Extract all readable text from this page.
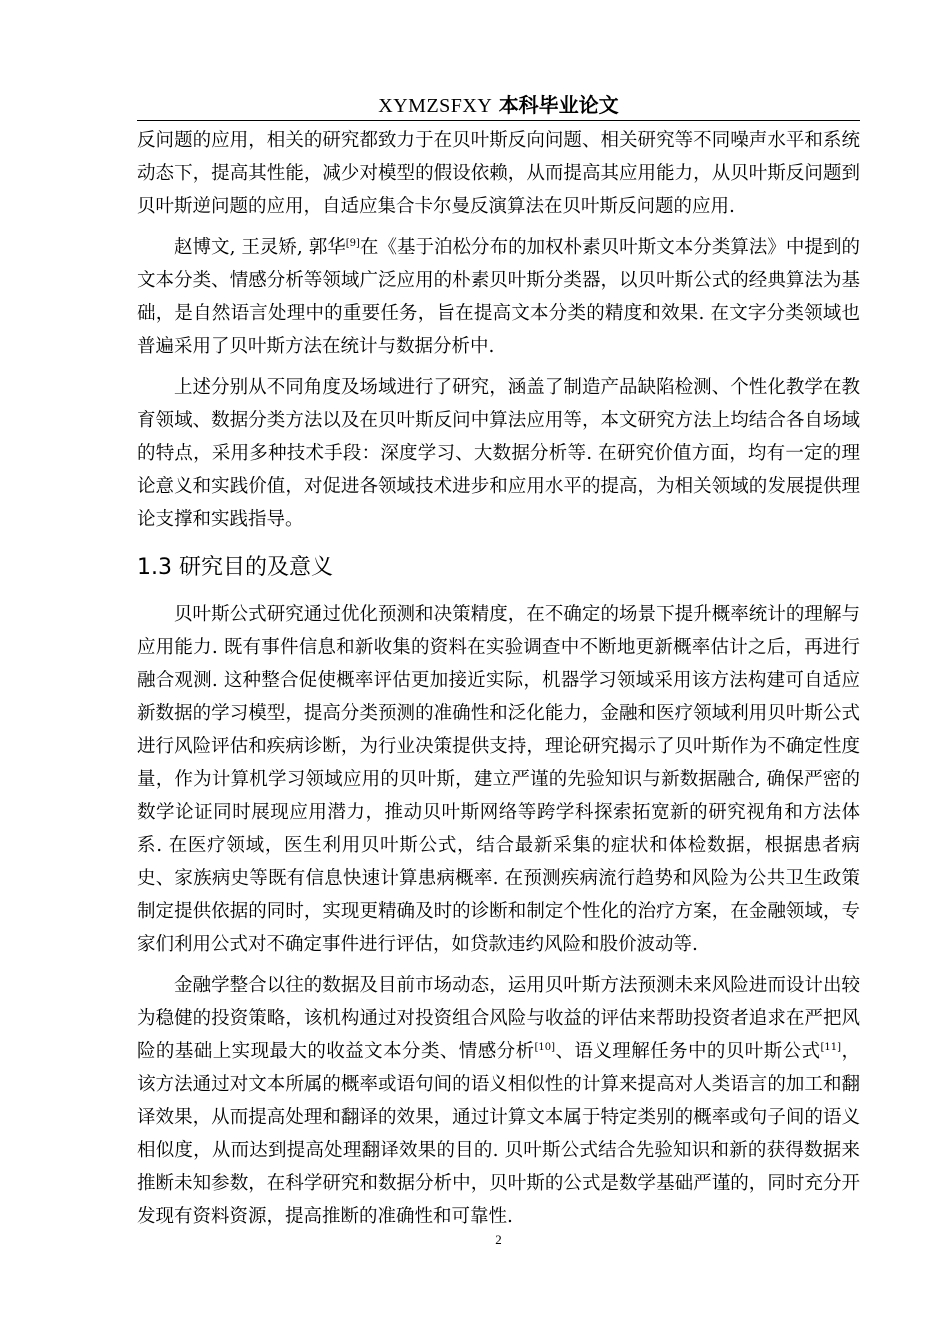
XYMZSFXY 本科毕业论文

反问题的应用，相关的研究都致力于在贝叶斯反向问题、相关研究等不同噪声水平和系统动态下，提高其性能，减少对模型的假设依赖，从而提高其应用能力，从贝叶斯反问题到贝叶斯逆问题的应用，自适应集合卡尔曼反演算法在贝叶斯反问题的应用.

赵博文, 王灵矫, 郭华[9]在《基于泊松分布的加权朴素贝叶斯文本分类算法》中提到的文本分类、情感分析等领域广泛应用的朴素贝叶斯分类器，以贝叶斯公式的经典算法为基础，是自然语言处理中的重要任务，旨在提高文本分类的精度和效果. 在文字分类领域也普遍采用了贝叶斯方法在统计与数据分析中.

上述分别从不同角度及场域进行了研究，涵盖了制造产品缺陷检测、个性化教学在教育领域、数据分类方法以及在贝叶斯反问中算法应用等，本文研究方法上均结合各自场域的特点，采用多种技术手段：深度学习、大数据分析等. 在研究价值方面，均有一定的理论意义和实践价值，对促进各领域技术进步和应用水平的提高，为相关领域的发展提供理论支撑和实践指导。

1.3 研究目的及意义

贝叶斯公式研究通过优化预测和决策精度，在不确定的场景下提升概率统计的理解与应用能力. 既有事件信息和新收集的资料在实验调查中不断地更新概率估计之后，再进行融合观测. 这种整合促使概率评估更加接近实际，机器学习领域采用该方法构建可自适应新数据的学习模型，提高分类预测的准确性和泛化能力，金融和医疗领域利用贝叶斯公式进行风险评估和疾病诊断，为行业决策提供支持，理论研究揭示了贝叶斯作为不确定性度量，作为计算机学习领域应用的贝叶斯，建立严谨的先验知识与新数据融合, 确保严密的数学论证同时展现应用潜力，推动贝叶斯网络等跨学科探索拓宽新的研究视角和方法体系. 在医疗领域，医生利用贝叶斯公式，结合最新采集的症状和体检数据，根据患者病史、家族病史等既有信息快速计算患病概率. 在预测疾病流行趋势和风险为公共卫生政策制定提供依据的同时，实现更精确及时的诊断和制定个性化的治疗方案，在金融领域，专家们利用公式对不确定事件进行评估，如贷款违约风险和股价波动等.

金融学整合以往的数据及目前市场动态，运用贝叶斯方法预测未来风险进而设计出较为稳健的投资策略，该机构通过对投资组合风险与收益的评估来帮助投资者追求在严把风险的基础上实现最大的收益文本分类、情感分析[10]、语义理解任务中的贝叶斯公式[11]，该方法通过对文本所属的概率或语句间的语义相似性的计算来提高对人类语言的加工和翻译效果，从而提高处理和翻译的效果，通过计算文本属于特定类别的概率或句子间的语义相似度，从而达到提高处理翻译效果的目的. 贝叶斯公式结合先验知识和新的获得数据来推断未知参数，在科学研究和数据分析中，贝叶斯的公式是数学基础严谨的，同时充分开发现有资料资源，提高推断的准确性和可靠性.

2
